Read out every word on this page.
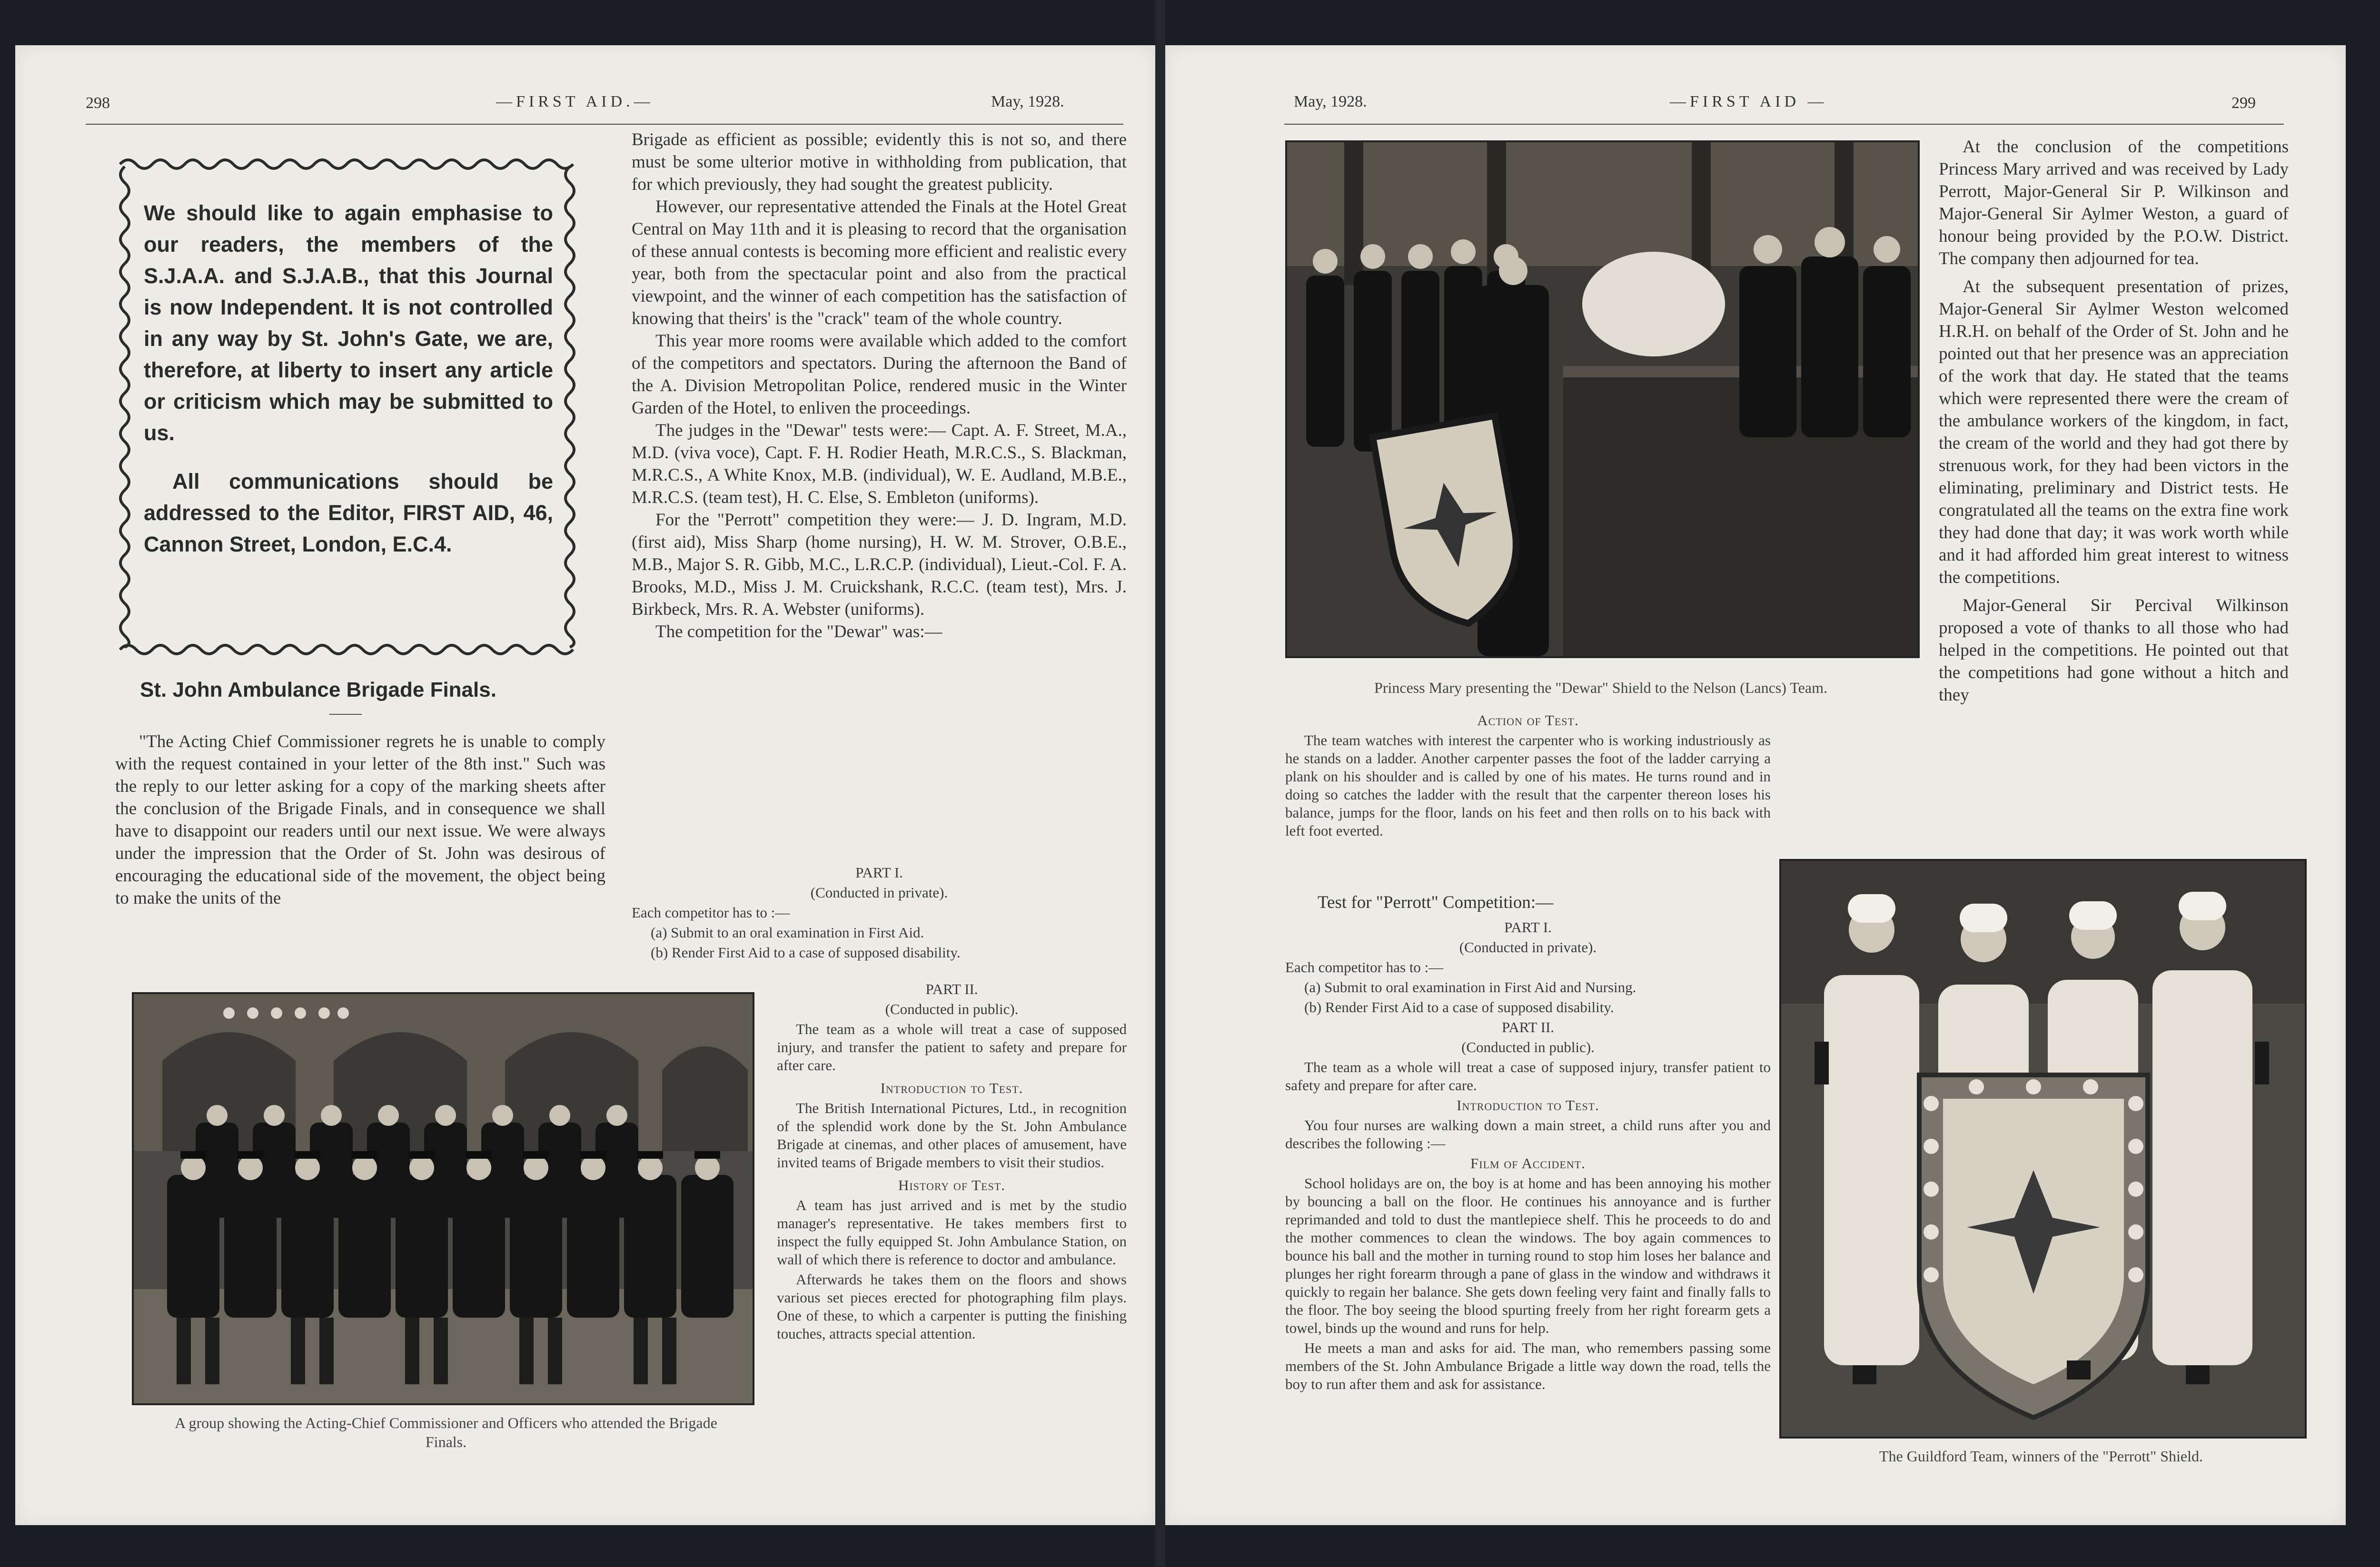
298	—FIRST AID.—	May, 1928.

We should like to again emphasise to our readers, the members of the S.J.A.A. and S.J.A.B., that this Journal is now Independent. It is not controlled in any way by St. John's Gate, we are, therefore, at liberty to insert any article or criticism which may be submitted to us.

All communications should be addressed to the Editor, FIRST AID, 46, Cannon Street, London, E.C.4.

St. John Ambulance Brigade Finals.
——

"The Acting Chief Commissioner regrets he is unable to comply with the request contained in your letter of the 8th inst." Such was the reply to our letter asking for a copy of the marking sheets after the conclusion of the Brigade Finals, and in consequence we shall have to disappoint our readers until our next issue. We were always under the impression that the Order of St. John was desirous of encouraging the educational side of the movement, the object being to make the units of the

A group showing the Acting-Chief Commissioner and Officers who attended the Brigade Finals.

Brigade as efficient as possible; evidently this is not so, and there must be some ulterior motive in withholding from publication, that for which previously, they had sought the greatest publicity.

However, our representative attended the Finals at the Hotel Great Central on May 11th and it is pleasing to record that the organisation of these annual contests is becoming more efficient and realistic every year, both from the spectacular point and also from the practical viewpoint, and the winner of each competition has the satisfaction of knowing that theirs' is the "crack" team of the whole country.

This year more rooms were available which added to the comfort of the competitors and spectators. During the afternoon the Band of the A. Division Metropolitan Police, rendered music in the Winter Garden of the Hotel, to enliven the proceedings.

The judges in the "Dewar" tests were:— Capt. A. F. Street, M.A., M.D. (viva voce), Capt. F. H. Rodier Heath, M.R.C.S., S. Blackman, M.R.C.S., A White Knox, M.B. (individual), W. E. Audland, M.B.E., M.R.C.S. (team test), H. C. Else, S. Embleton (uniforms).

For the "Perrott" competition they were:— J. D. Ingram, M.D. (first aid), Miss Sharp (home nursing), H. W. M. Strover, O.B.E., M.B., Major S. R. Gibb, M.C., L.R.C.P. (individual), Lieut.-Col. F. A. Brooks, M.D., Miss J. M. Cruickshank, R.C.C. (team test), Mrs. J. Birkbeck, Mrs. R. A. Webster (uniforms).

The competition for the "Dewar" was:—

PART I.

(Conducted in private).

Each competitor has to :—

(a) Submit to an oral examination in First Aid.

(b) Render First Aid to a case of supposed disability.

PART II.

(Conducted in public).

The team as a whole will treat a case of supposed injury, and transfer the patient to safety and prepare for after care.

Introduction to Test.

The British International Pictures, Ltd., in recognition of the splendid work done by the St. John Ambulance Brigade at cinemas, and other places of amusement, have invited teams of Brigade members to visit their studios.

History of Test.

A team has just arrived and is met by the studio manager's representative. He takes members first to inspect the fully equipped St. John Ambulance Station, on wall of which there is reference to doctor and ambulance.

Afterwards he takes them on the floors and shows various set pieces erected for photographing film plays. One of these, to which a carpenter is putting the finishing touches, attracts special attention.

May, 1928.	—FIRST AID —	299
Princess Mary presenting the "Dewar" Shield to the Nelson (Lancs) Team.

Action of Test.

The team watches with interest the carpenter who is working industriously as he stands on a ladder. Another carpenter passes the foot of the ladder carrying a plank on his shoulder and is called by one of his mates. He turns round and in doing so catches the ladder with the result that the carpenter thereon loses his balance, jumps for the floor, lands on his feet and then rolls on to his back with left foot everted.

Test for "Perrott" Competition:—

PART I.

(Conducted in private).

Each competitor has to :—

(a) Submit to oral examination in First Aid and Nursing.

(b) Render First Aid to a case of supposed disability.

PART II.

(Conducted in public).

The team as a whole will treat a case of supposed injury, transfer patient to safety and prepare for after care.

Introduction to Test.

You four nurses are walking down a main street, a child runs after you and describes the following :—

Film of Accident.

School holidays are on, the boy is at home and has been annoying his mother by bouncing a ball on the floor. He continues his annoyance and is further reprimanded and told to dust the mantlepiece shelf. This he proceeds to do and the mother commences to clean the windows. The boy again commences to bounce his ball and the mother in turning round to stop him loses her balance and plunges her right forearm through a pane of glass in the window and withdraws it quickly to regain her balance. She gets down feeling very faint and finally falls to the floor. The boy seeing the blood spurting freely from her right forearm gets a towel, binds up the wound and runs for help.

He meets a man and asks for aid. The man, who remembers passing some members of the St. John Ambulance Brigade a little way down the road, tells the boy to run after them and ask for assistance.

At the conclusion of the competitions Princess Mary arrived and was received by Lady Perrott, Major-General Sir P. Wilkinson and Major-General Sir Aylmer Weston, a guard of honour being provided by the P.O.W. District. The company then adjourned for tea.

At the subsequent presentation of prizes, Major-General Sir Aylmer Weston welcomed H.R.H. on behalf of the Order of St. John and he pointed out that her presence was an appreciation of the work that day. He stated that the teams which were represented there were the cream of the ambulance workers of the kingdom, in fact, the cream of the world and they had got there by strenuous work, for they had been victors in the eliminating, preliminary and District tests. He congratulated all the teams on the extra fine work they had done that day; it was work worth while and it had afforded him great interest to witness the competitions.

Major-General Sir Percival Wilkinson proposed a vote of thanks to all those who had helped in the competitions. He pointed out that the competitions had gone without a hitch and they

The Guildford Team, winners of the "Perrott" Shield.
